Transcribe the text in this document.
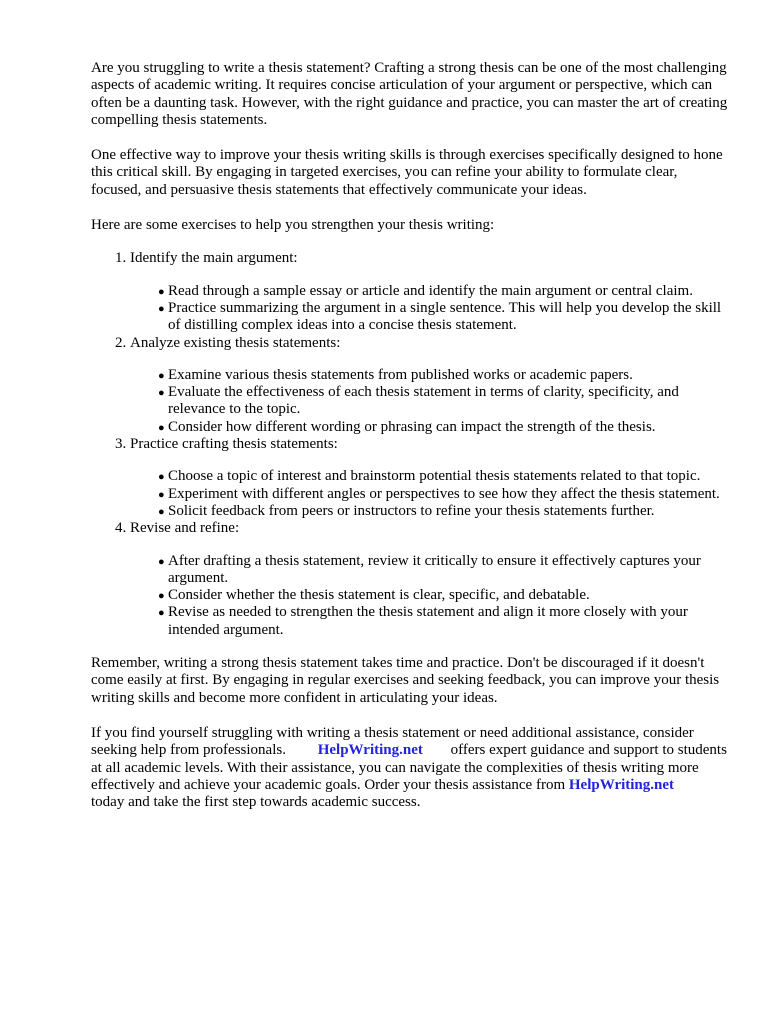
Are you struggling to write a thesis statement? Crafting a strong thesis can be one of the most challenging aspects of academic writing. It requires concise articulation of your argument or perspective, which can often be a daunting task. However, with the right guidance and practice, you can master the art of creating compelling thesis statements.

One effective way to improve your thesis writing skills is through exercises specifically designed to hone this critical skill. By engaging in targeted exercises, you can refine your ability to formulate clear, focused, and persuasive thesis statements that effectively communicate your ideas.

Here are some exercises to help you strengthen your thesis writing:

1. Identify the main argument:
● Read through a sample essay or article and identify the main argument or central claim.
● Practice summarizing the argument in a single sentence. This will help you develop the skill of distilling complex ideas into a concise thesis statement.
2. Analyze existing thesis statements:
● Examine various thesis statements from published works or academic papers.
● Evaluate the effectiveness of each thesis statement in terms of clarity, specificity, and relevance to the topic.
● Consider how different wording or phrasing can impact the strength of the thesis.
3. Practice crafting thesis statements:
● Choose a topic of interest and brainstorm potential thesis statements related to that topic.
● Experiment with different angles or perspectives to see how they affect the thesis statement.
● Solicit feedback from peers or instructors to refine your thesis statements further.
4. Revise and refine:
● After drafting a thesis statement, review it critically to ensure it effectively captures your argument.
● Consider whether the thesis statement is clear, specific, and debatable.
● Revise as needed to strengthen the thesis statement and align it more closely with your intended argument.

Remember, writing a strong thesis statement takes time and practice. Don't be discouraged if it doesn't come easily at first. By engaging in regular exercises and seeking feedback, you can improve your thesis writing skills and become more confident in articulating your ideas.

If you find yourself struggling with writing a thesis statement or need additional assistance, consider seeking help from professionals. HelpWriting.net offers expert guidance and support to students at all academic levels. With their assistance, you can navigate the complexities of thesis writing more effectively and achieve your academic goals. Order your thesis assistance from HelpWriting.net today and take the first step towards academic success.
